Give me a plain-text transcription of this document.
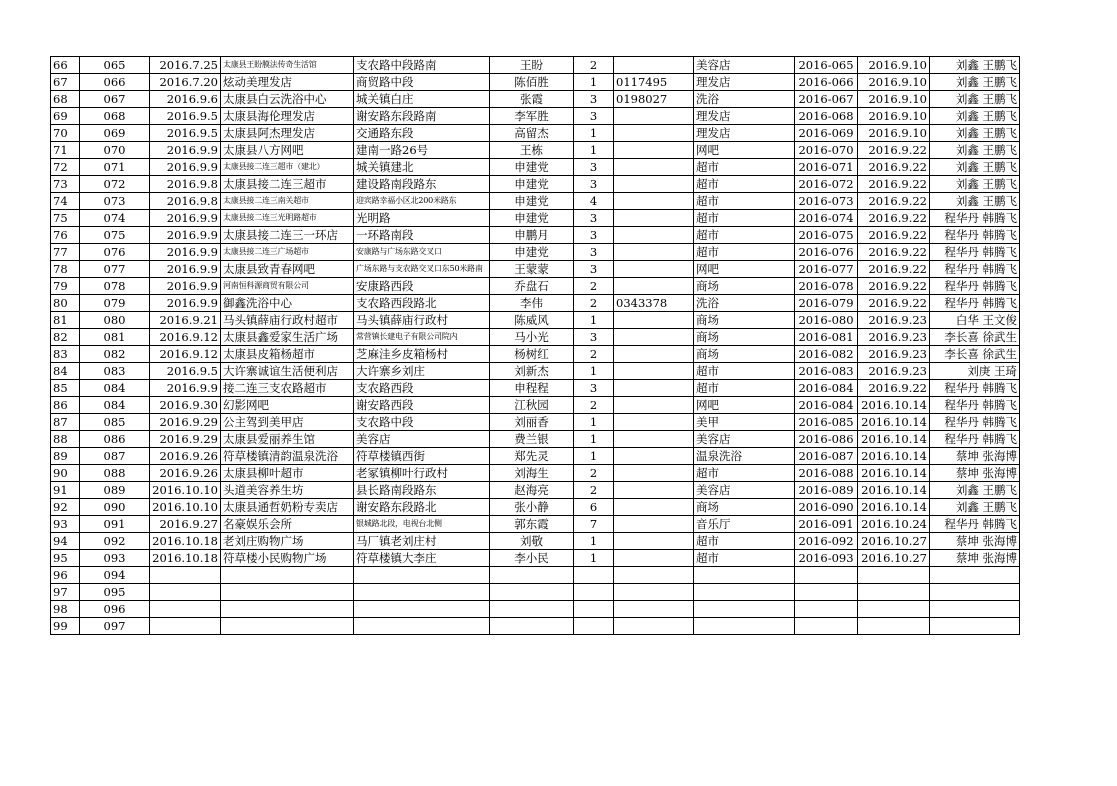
66	065	2016.7.25	太康县王盼膜法传奇生活馆	支农路中段路南	王盼	2		美容店	2016-065	2016.9.10	刘鑫 王鹏飞
67	066	2016.7.20	炫动美理发店	商贸路中段	陈佰胜	1	0117495	理发店	2016-066	2016.9.10	刘鑫 王鹏飞
68	067	2016.9.6	太康县白云洗浴中心	城关镇白庄	张霞	3	0198027	洗浴	2016-067	2016.9.10	刘鑫 王鹏飞
69	068	2016.9.5	太康县海伦理发店	谢安路东段路南	李军胜	3		理发店	2016-068	2016.9.10	刘鑫 王鹏飞
70	069	2016.9.5	太康县阿杰理发店	交通路东段	高留杰	1		理发店	2016-069	2016.9.10	刘鑫 王鹏飞
71	070	2016.9.9	太康县八方网吧	建南一路26号	王栋	1		网吧	2016-070	2016.9.22	刘鑫 王鹏飞
72	071	2016.9.9	太康县接二连三超市（建北）	城关镇建北	申建党	3		超市	2016-071	2016.9.22	刘鑫 王鹏飞
73	072	2016.9.8	太康县接二连三超市	建设路南段路东	申建党	3		超市	2016-072	2016.9.22	刘鑫 王鹏飞
74	073	2016.9.8	太康县接二连三南关超市	迎宾路幸福小区北200米路东	申建党	4		超市	2016-073	2016.9.22	刘鑫 王鹏飞
75	074	2016.9.9	太康县接二连三光明路超市	光明路	申建党	3		超市	2016-074	2016.9.22	程华丹 韩腾飞
76	075	2016.9.9	太康县接二连三一环店	一环路南段	申鹏月	3		超市	2016-075	2016.9.22	程华丹 韩腾飞
77	076	2016.9.9	太康县接二连三广场超市	安康路与广场东路交叉口	申建党	3		超市	2016-076	2016.9.22	程华丹 韩腾飞
78	077	2016.9.9	太康县致青春网吧	广场东路与支农路交叉口东50米路南	王蒙蒙	3		网吧	2016-077	2016.9.22	程华丹 韩腾飞
79	078	2016.9.9	河南恒科源商贸有限公司	安康路西段	乔盘石	2		商场	2016-078	2016.9.22	程华丹 韩腾飞
80	079	2016.9.9	御鑫洗浴中心	支农路西段路北	李伟	2	0343378	洗浴	2016-079	2016.9.22	程华丹 韩腾飞
81	080	2016.9.21	马头镇薛庙行政村超市	马头镇薛庙行政村	陈威风	1		商场	2016-080	2016.9.23	白华 王文俊
82	081	2016.9.12	太康县鑫爱家生活广场	常营镇长建电子有限公司院内	马小光	3		商场	2016-081	2016.9.23	李长喜 徐武生
83	082	2016.9.12	太康县皮箱杨超市	芝麻洼乡皮箱杨村	杨树红	2		商场	2016-082	2016.9.23	李长喜 徐武生
84	083	2016.9.5	大许寨诚谊生活便利店	大许寨乡刘庄	刘新杰	1		超市	2016-083	2016.9.23	刘庚 王琦
85	084	2016.9.9	接二连三支农路超市	支农路西段	申程程	3		超市	2016-084	2016.9.22	程华丹 韩腾飞
86	084	2016.9.30	幻影网吧	谢安路西段	江秋园	2		网吧	2016-084	2016.10.14	程华丹 韩腾飞
87	085	2016.9.29	公主驾到美甲店	支农路中段	刘丽香	1		美甲	2016-085	2016.10.14	程华丹 韩腾飞
88	086	2016.9.29	太康县爱丽养生馆	美容店	费兰银	1		美容店	2016-086	2016.10.14	程华丹 韩腾飞
89	087	2016.9.26	符草楼镇清韵温泉洗浴	符草楼镇西街	郑先灵	1		温泉洗浴	2016-087	2016.10.14	蔡坤 张海博
90	088	2016.9.26	太康县柳叶超市	老冢镇柳叶行政村	刘海生	2		超市	2016-088	2016.10.14	蔡坤 张海博
91	089	2016.10.10	头道美容养生坊	县长路南段路东	赵海亮	2		美容店	2016-089	2016.10.14	刘鑫 王鹏飞
92	090	2016.10.10	太康县通哲奶粉专卖店	谢安路东段路北	张小静	6		商场	2016-090	2016.10.14	刘鑫 王鹏飞
93	091	2016.9.27	名豪娱乐会所	银城路北段，电视台北侧	郭东霞	7		音乐厅	2016-091	2016.10.24	程华丹 韩腾飞
94	092	2016.10.18	老刘庄购物广场	马厂镇老刘庄村	刘敬	1		超市	2016-092	2016.10.27	蔡坤 张海博
95	093	2016.10.18	符草楼小民购物广场	符草楼镇大李庄	李小民	1		超市	2016-093	2016.10.27	蔡坤 张海博
96	094										
97	095										
98	096										
99	097										
